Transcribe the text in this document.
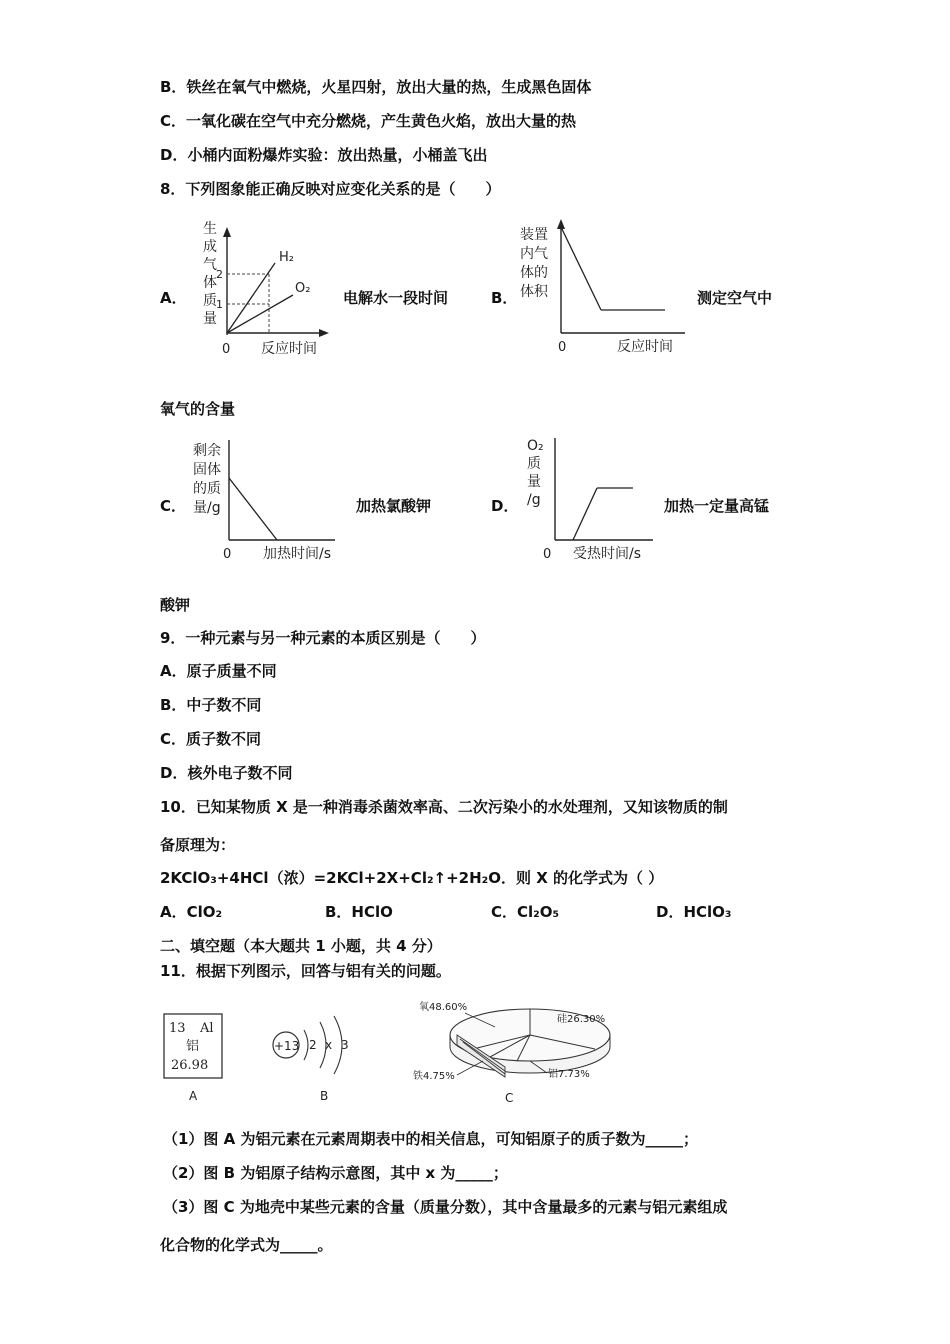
B．铁丝在氧气中燃烧，火星四射，放出大量的热，生成黑色固体
C．一氧化碳在空气中充分燃烧，产生黄色火焰，放出大量的热
D．小桶内面粉爆炸实验：放出热量，小桶盖飞出
8．下列图象能正确反映对应变化关系的是（　　）
A．
生
成
气
体
质
量
2
1
H₂
O₂
0 反应时间
电解水一段时间	B．
装置
内气
体的
体积
0	反应时间
测定空气中
氧气的含量
C．
剩余
固体
的质
量/g
0 加热时间/s
加热氯酸钾	D．
O₂
质
量
/g
0 受热时间/s
加热一定量高锰
酸钾
9．一种元素与另一种元素的本质区别是（　　）
A．原子质量不同
B．中子数不同
C．质子数不同
D．核外电子数不同
10．已知某物质 X 是一种消毒杀菌效率高、二次污染小的水处理剂，又知该物质的制
备原理为：
2KClO₃+4HCl（浓）=2KCl+2X+Cl₂↑+2H₂O．则 X 的化学式为（ ）
A．ClO₂	B．HClO	C．Cl₂O₅	D．HClO₃
二、填空题（本大题共 1 小题，共 4 分）
11．根据下列图示，回答与铝有关的问题。
13 Al
铝
26.98
A
+13 2 x 3
B
氧48.60%
硅26.30%
铝7.73%
铁4.75%
C
（1）图 A 为铝元素在元素周期表中的相关信息，可知铝原子的质子数为_____；
（2）图 B 为铝原子结构示意图，其中 x 为_____；
（3）图 C 为地壳中某些元素的含量（质量分数），其中含量最多的元素与铝元素组成
化合物的化学式为_____。
